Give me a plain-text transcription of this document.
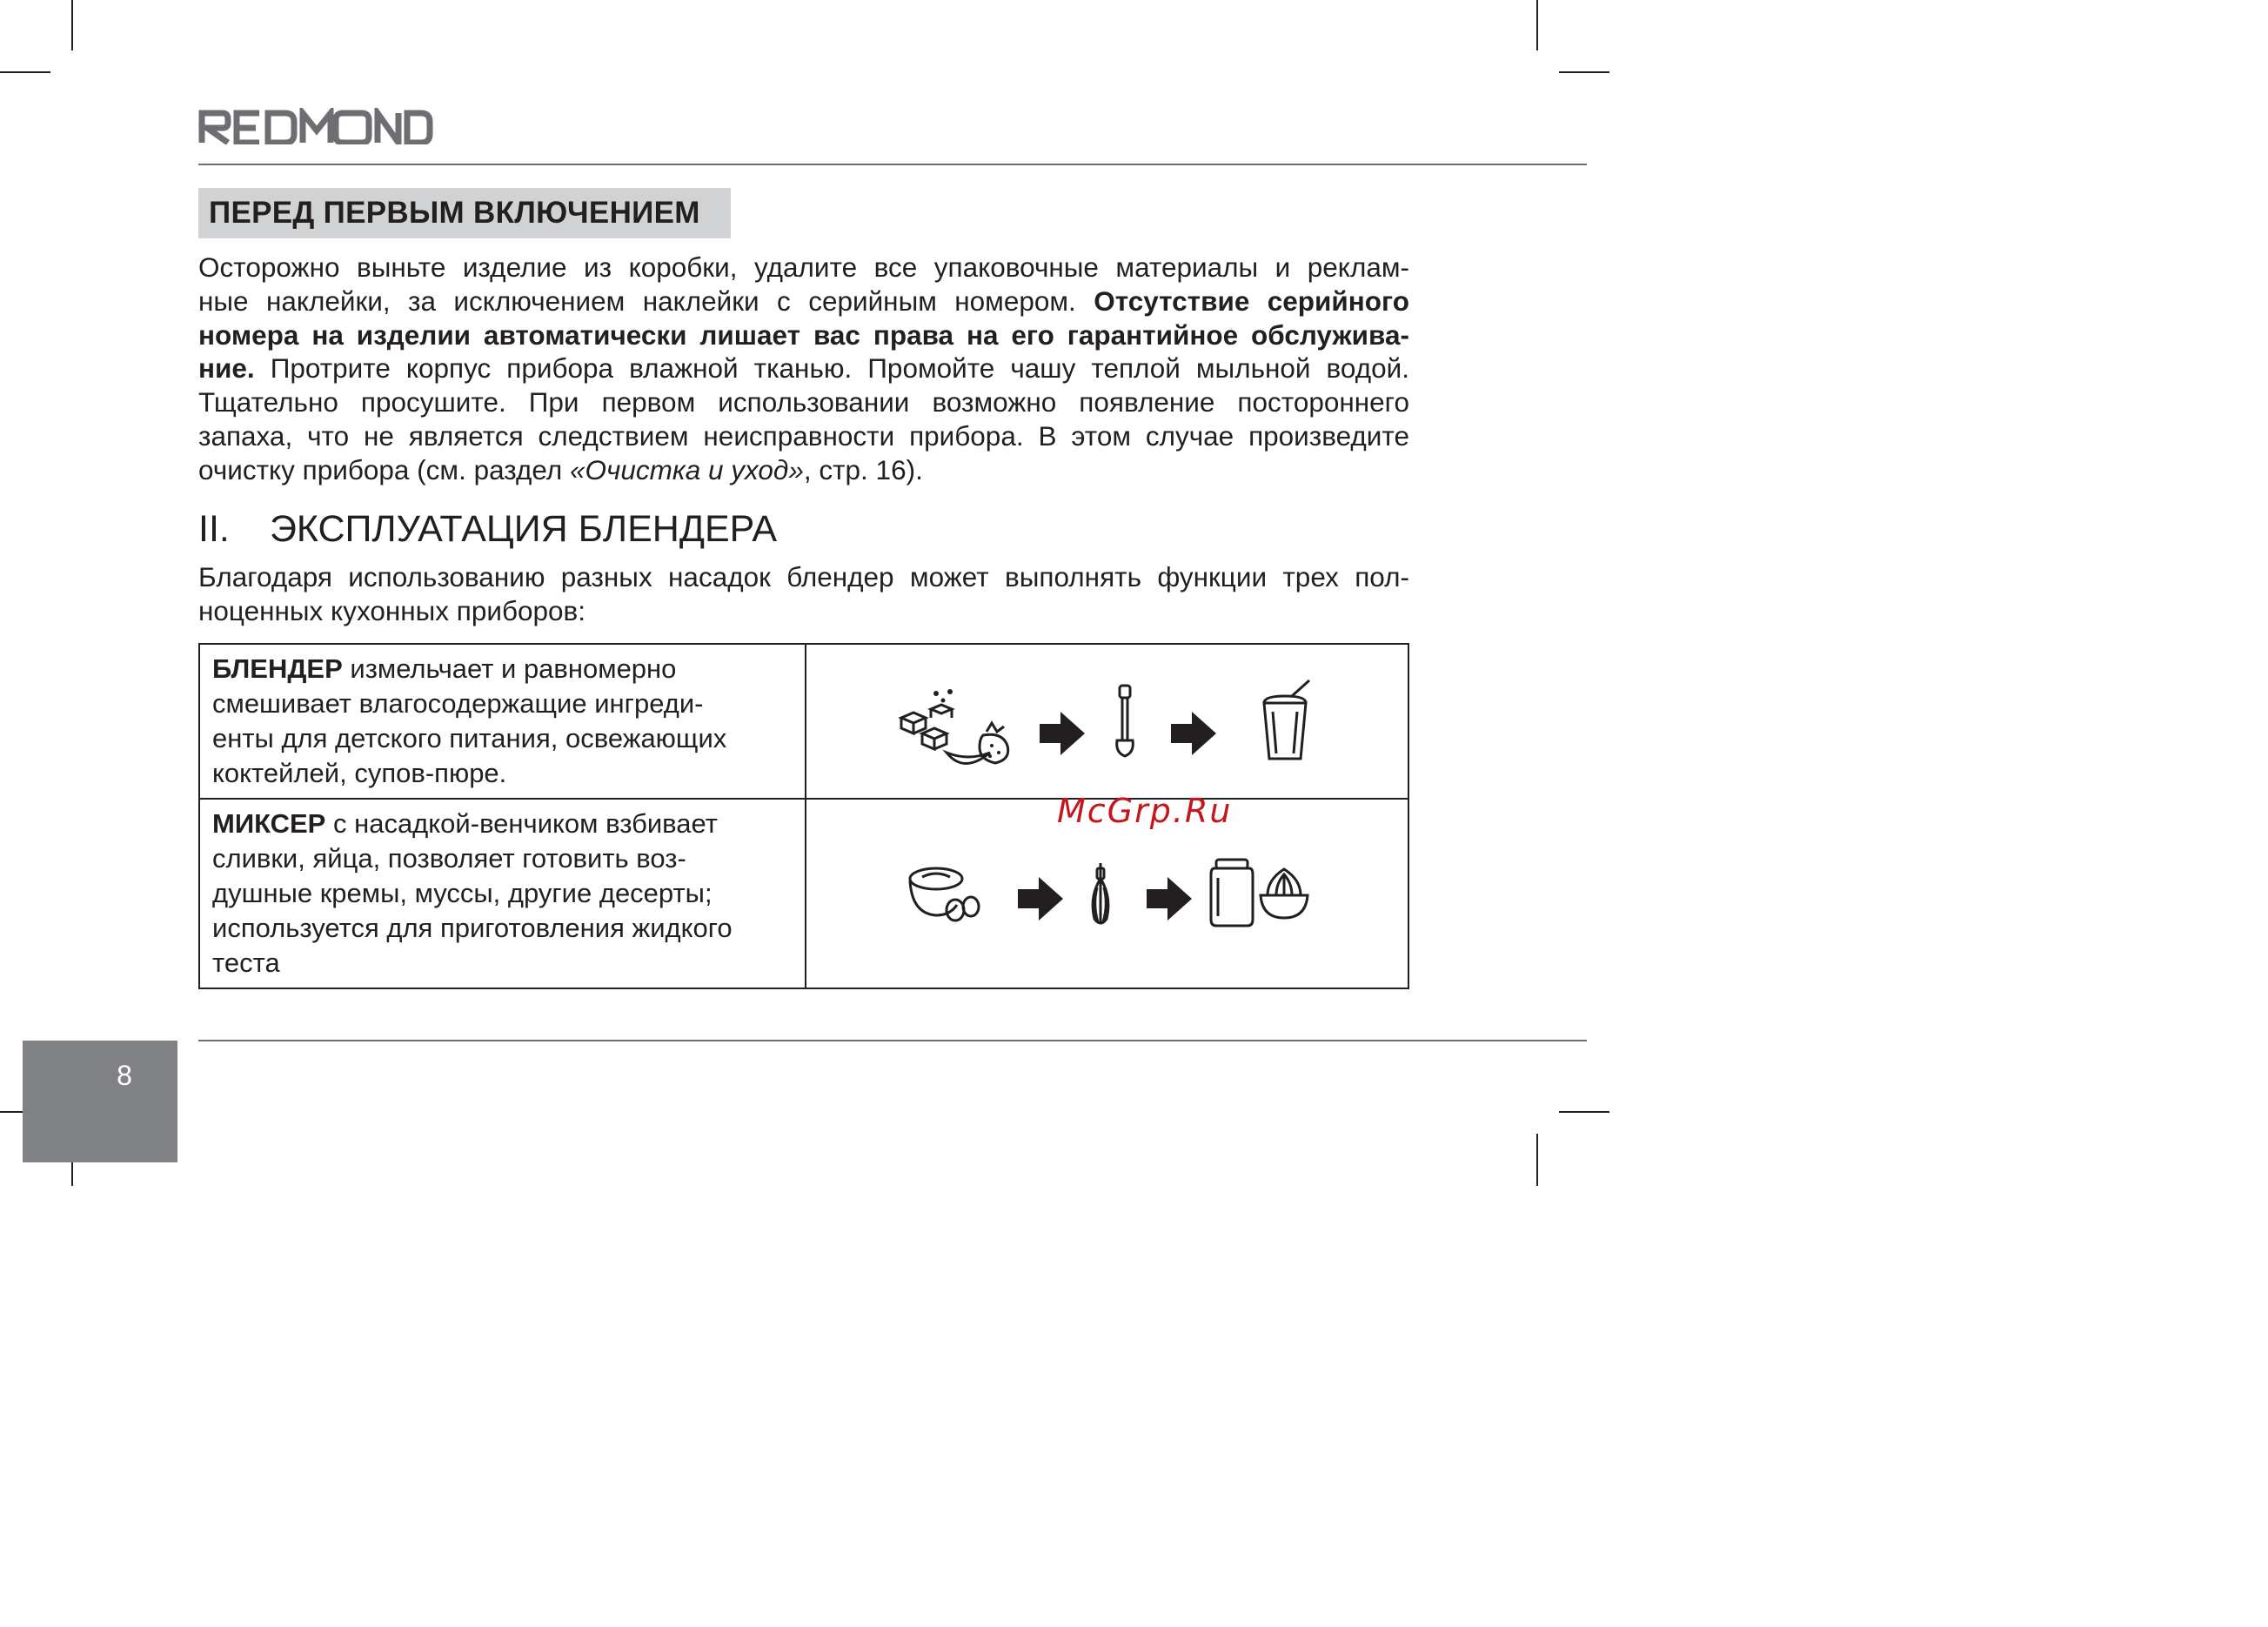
ПЕРЕД ПЕРВЫМ ВКЛЮЧЕНИЕМ
Осторожно выньте изделие из коробки, удалите все упаковочные материалы и реклам-
ные наклейки, за исключением наклейки с серийным номером. Отсутствие серийного
номера на изделии автоматически лишает вас права на его гарантийное обслужива-
ние. Протрите корпус прибора влажной тканью. Промойте чашу теплой мыльной водой.
Тщательно просушите. При первом использовании возможно появление постороннего
запаха, что не является следствием неисправности прибора. В этом случае произведите
очистку прибора (см. раздел «Очистка и уход», стр. 16).
II. ЭКСПЛУАТАЦИЯ БЛЕНДЕРА
Благодаря использованию разных насадок блендер может выполнять функции трех пол-
ноценных кухонных приборов:
БЛЕНДЕР измельчает и равномерно
смешивает влагосодержащие ингреди-
енты для детского питания, освежающих
коктейлей, супов-пюре.	

МИКСЕР с насадкой-венчиком взбивает
сливки, яйца, позволяет готовить воз-
душные кремы, муссы, другие десерты;
используется для приготовления жидкого
теста	

McGrp.Ru
8
